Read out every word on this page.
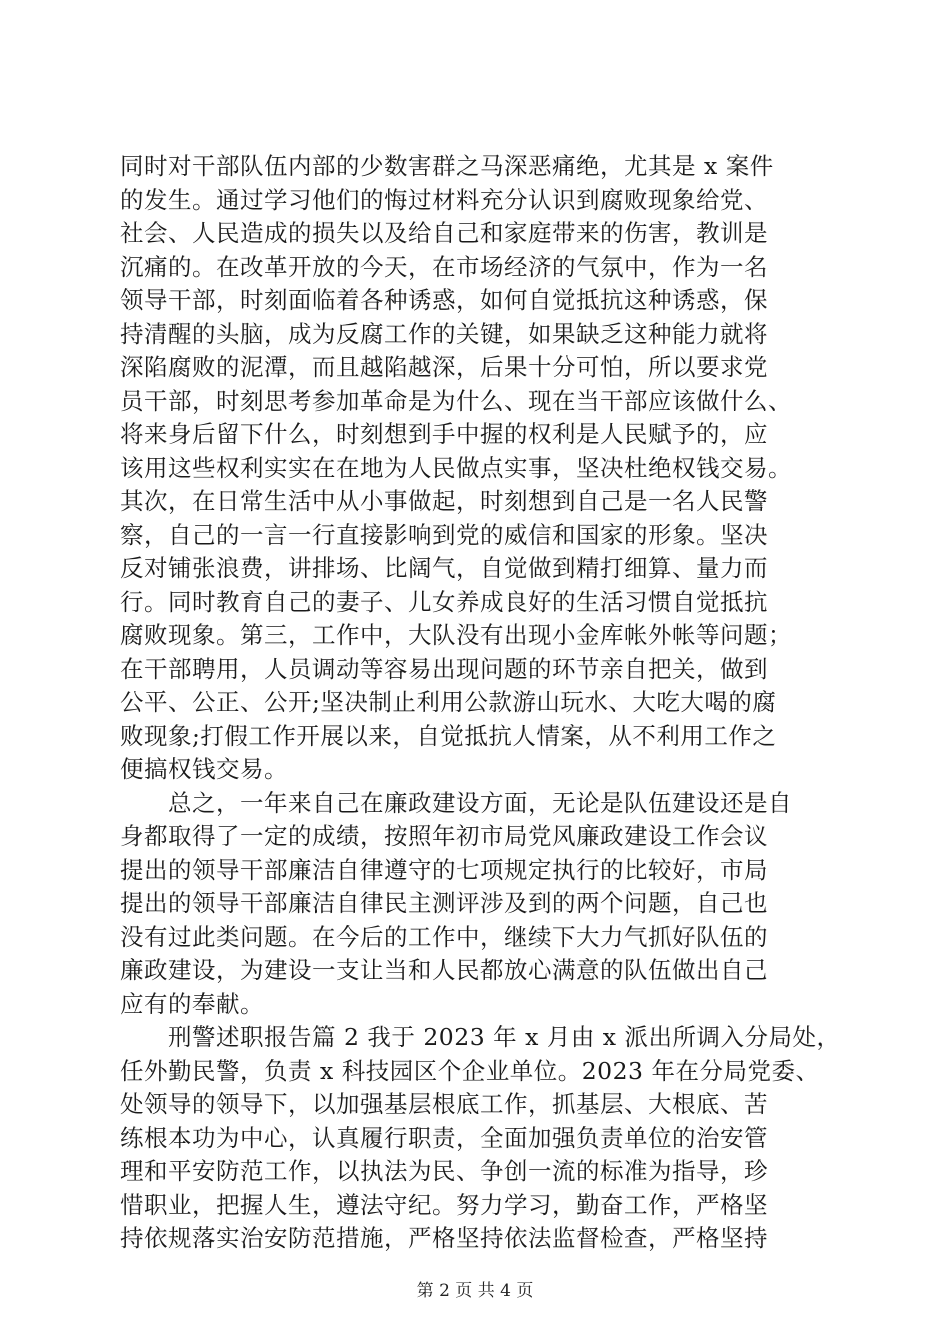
同时对干部队伍内部的少数害群之马深恶痛绝，尤其是 x 案件
的发生。通过学习他们的悔过材料充分认识到腐败现象给党、
社会、人民造成的损失以及给自己和家庭带来的伤害，教训是
沉痛的。在改革开放的今天，在市场经济的气氛中，作为一名
领导干部，时刻面临着各种诱惑，如何自觉抵抗这种诱惑，保
持清醒的头脑，成为反腐工作的关键，如果缺乏这种能力就将
深陷腐败的泥潭，而且越陷越深，后果十分可怕，所以要求党
员干部，时刻思考参加革命是为什么、现在当干部应该做什么、
将来身后留下什么，时刻想到手中握的权利是人民赋予的，应
该用这些权利实实在在地为人民做点实事，坚决杜绝权钱交易。
其次，在日常生活中从小事做起，时刻想到自己是一名人民警
察，自己的一言一行直接影响到党的威信和国家的形象。坚决
反对铺张浪费，讲排场、比阔气，自觉做到精打细算、量力而
行。同时教育自己的妻子、儿女养成良好的生活习惯自觉抵抗
腐败现象。第三，工作中，大队没有出现小金库帐外帐等问题；
在干部聘用，人员调动等容易出现问题的环节亲自把关，做到
公平、公正、公开;坚决制止利用公款游山玩水、大吃大喝的腐
败现象;打假工作开展以来，自觉抵抗人情案，从不利用工作之
便搞权钱交易。
总之，一年来自己在廉政建设方面，无论是队伍建设还是自
身都取得了一定的成绩，按照年初市局党风廉政建设工作会议
提出的领导干部廉洁自律遵守的七项规定执行的比较好，市局
提出的领导干部廉洁自律民主测评涉及到的两个问题，自己也
没有过此类问题。在今后的工作中，继续下大力气抓好队伍的
廉政建设，为建设一支让当和人民都放心满意的队伍做出自己
应有的奉献。
刑警述职报告篇 2 我于 2023 年 x 月由 x 派出所调入分局处，
任外勤民警，负责 x 科技园区个企业单位。2023 年在分局党委、
处领导的领导下，以加强基层根底工作，抓基层、大根底、苦
练根本功为中心，认真履行职责，全面加强负责单位的治安管
理和平安防范工作，以执法为民、争创一流的标准为指导，珍
惜职业，把握人生，遵法守纪。努力学习，勤奋工作，严格坚
持依规落实治安防范措施，严格坚持依法监督检查，严格坚持
第 2 页 共 4 页
